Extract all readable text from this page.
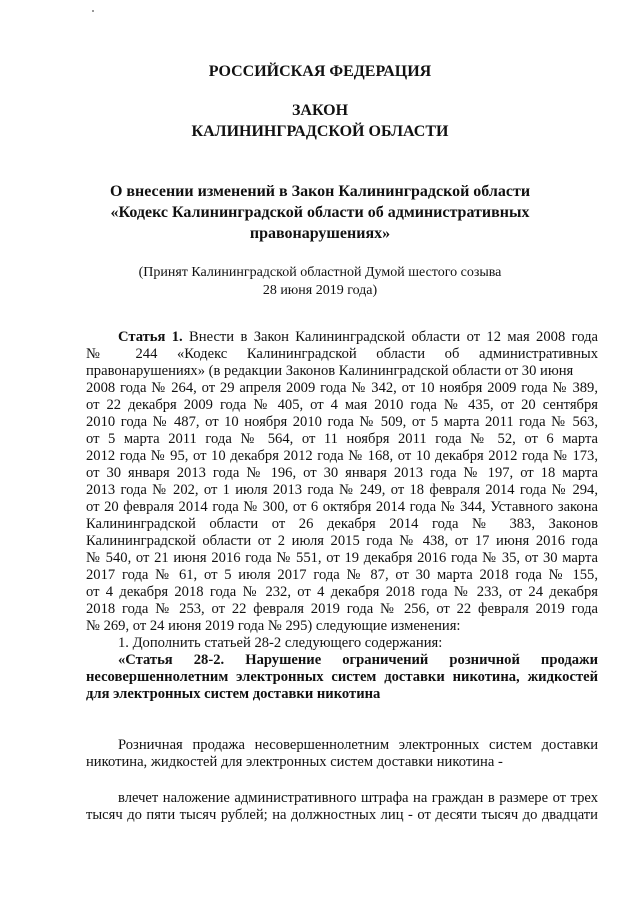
РОССИЙСКАЯ ФЕДЕРАЦИЯ
ЗАКОН
КАЛИНИНГРАДСКОЙ ОБЛАСТИ
О внесении изменений в Закон Калининградской области
«Кодекс Калининградской области об административных
правонарушениях»
(Принят Калининградской областной Думой шестого созыва
28 июня 2019 года)
Статья 1. Внести в Закон Калининградской области от 12 мая 2008 года
№ 244 «Кодекс Калининградской области об административных
правонарушениях» (в редакции Законов Калининградской области от 30 июня
2008 года № 264, от 29 апреля 2009 года № 342, от 10 ноября 2009 года № 389,
от 22 декабря 2009 года № 405, от 4 мая 2010 года № 435, от 20 сентября
2010 года № 487, от 10 ноября 2010 года № 509, от 5 марта 2011 года № 563,
от 5 марта 2011 года № 564, от 11 ноября 2011 года № 52, от 6 марта
2012 года № 95, от 10 декабря 2012 года № 168, от 10 декабря 2012 года № 173,
от 30 января 2013 года № 196, от 30 января 2013 года № 197, от 18 марта
2013 года № 202, от 1 июля 2013 года № 249, от 18 февраля 2014 года № 294,
от 20 февраля 2014 года № 300, от 6 октября 2014 года № 344, Уставного закона
Калининградской области от 26 декабря 2014 года № 383, Законов
Калининградской области от 2 июля 2015 года № 438, от 17 июня 2016 года
№ 540, от 21 июня 2016 года № 551, от 19 декабря 2016 года № 35, от 30 марта
2017 года № 61, от 5 июля 2017 года № 87, от 30 марта 2018 года № 155,
от 4 декабря 2018 года № 232, от 4 декабря 2018 года № 233, от 24 декабря
2018 года № 253, от 22 февраля 2019 года № 256, от 22 февраля 2019 года
№ 269, от 24 июня 2019 года № 295) следующие изменения:
1. Дополнить статьей 28-2 следующего содержания:
«Статья 28-2. Нарушение ограничений розничной продажи
несовершеннолетним электронных систем доставки никотина, жидкостей
для электронных систем доставки никотина
Розничная продажа несовершеннолетним электронных систем доставки
никотина, жидкостей для электронных систем доставки никотина -
влечет наложение административного штрафа на граждан в размере от трех
тысяч до пяти тысяч рублей; на должностных лиц - от десяти тысяч до двадцати
